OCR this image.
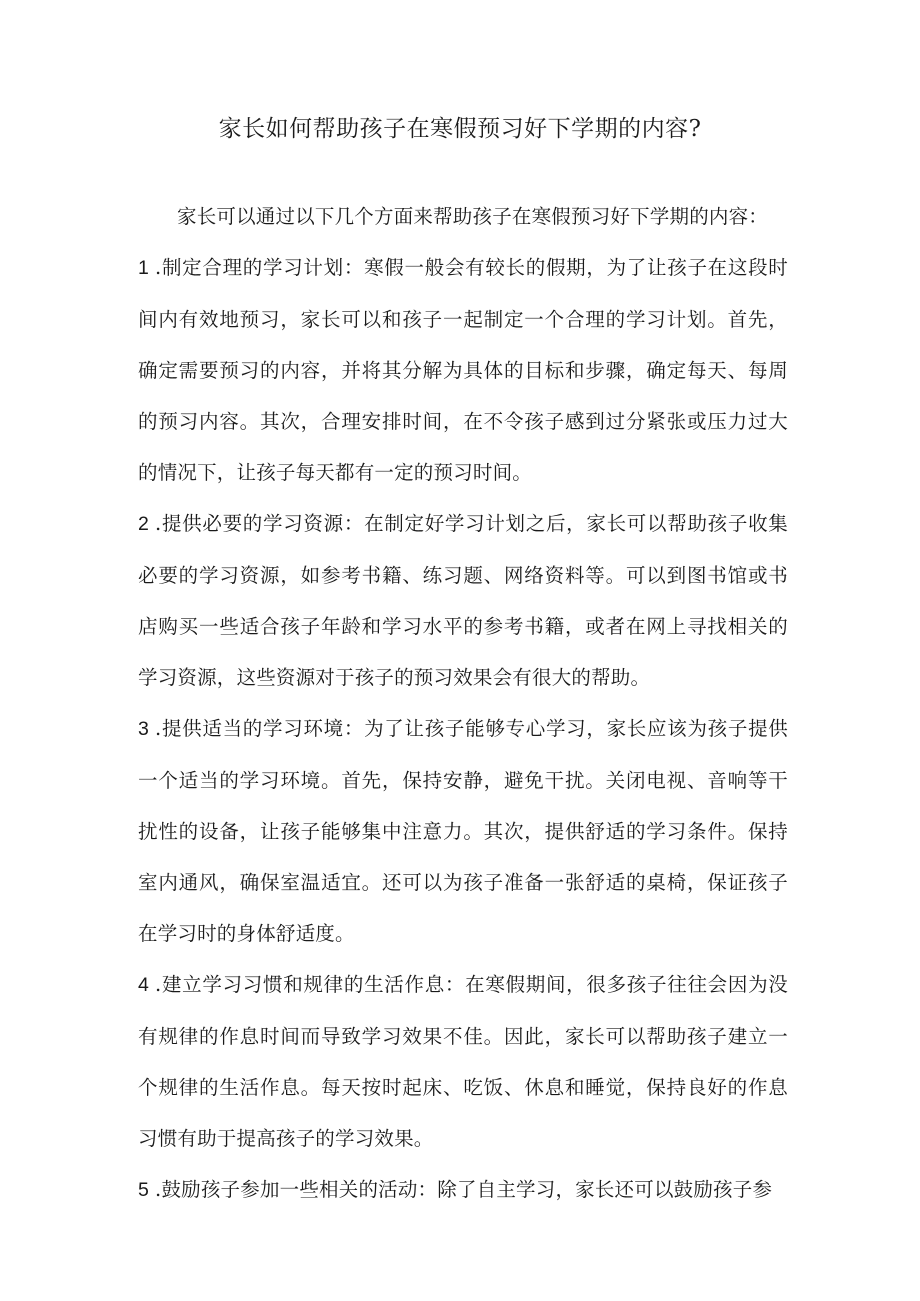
家长如何帮助孩子在寒假预习好下学期的内容?

家长可以通过以下几个方面来帮助孩子在寒假预习好下学期的内容：

1 .制定合理的学习计划：寒假一般会有较长的假期，为了让孩子在这段时间内有效地预习，家长可以和孩子一起制定一个合理的学习计划。首先，确定需要预习的内容，并将其分解为具体的目标和步骤，确定每天、每周的预习内容。其次，合理安排时间，在不令孩子感到过分紧张或压力过大的情况下，让孩子每天都有一定的预习时间。

2 .提供必要的学习资源：在制定好学习计划之后，家长可以帮助孩子收集必要的学习资源，如参考书籍、练习题、网络资料等。可以到图书馆或书店购买一些适合孩子年龄和学习水平的参考书籍，或者在网上寻找相关的学习资源，这些资源对于孩子的预习效果会有很大的帮助。

3 .提供适当的学习环境：为了让孩子能够专心学习，家长应该为孩子提供一个适当的学习环境。首先，保持安静，避免干扰。关闭电视、音响等干扰性的设备，让孩子能够集中注意力。其次，提供舒适的学习条件。保持室内通风，确保室温适宜。还可以为孩子准备一张舒适的桌椅，保证孩子在学习时的身体舒适度。

4 .建立学习习惯和规律的生活作息：在寒假期间，很多孩子往往会因为没有规律的作息时间而导致学习效果不佳。因此，家长可以帮助孩子建立一个规律的生活作息。每天按时起床、吃饭、休息和睡觉，保持良好的作息习惯有助于提高孩子的学习效果。

5 .鼓励孩子参加一些相关的活动：除了自主学习，家长还可以鼓励孩子参
